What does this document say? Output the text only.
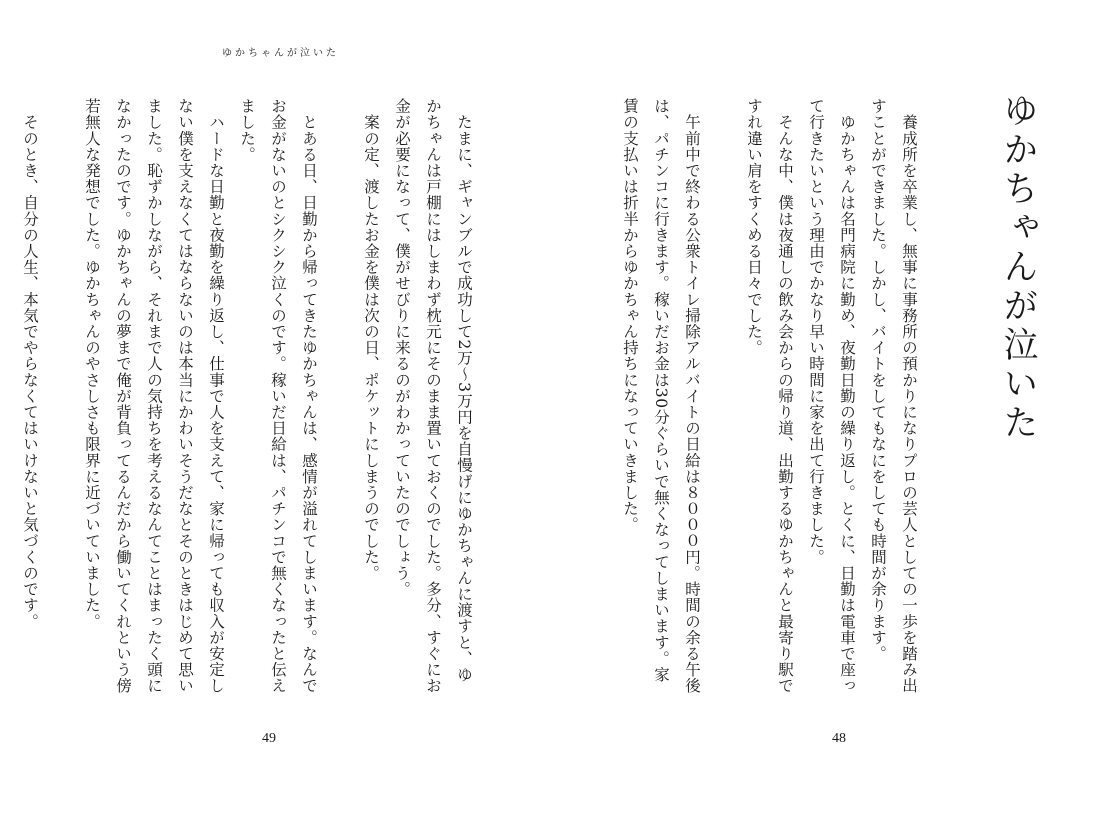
ゆかちゃんが泣いた
ゆかちゃんが泣いた

　養成所を卒業し、無事に事務所の預かりになりプロの芸人としての一歩を踏み出すことができました。しかし、バイトをしてもなにをしても時間が余ります。

　ゆかちゃんは名門病院に勤め、夜勤日勤の繰り返し。とくに、日勤は電車で座って行きたいという理由でかなり早い時間に家を出て行きました。

　そんな中、僕は夜通しの飲み会からの帰り道、出勤するゆかちゃんと最寄り駅ですれ違い肩をすくめる日々でした。

　午前中で終わる公衆トイレ掃除アルバイトの日給は８０００円。時間の余る午後は、パチンコに行きます。稼いだお金は30分ぐらいで無くなってしまいます。家賃の支払いは折半からゆかちゃん持ちになっていきました。

　たまに、ギャンブルで成功して2万～3万円を自慢げにゆかちゃんに渡すと、ゆかちゃんは戸棚にはしまわず枕元にそのまま置いておくのでした。多分、すぐにお金が必要になって、僕がせびりに来るのがわかっていたのでしょう。

　案の定、渡したお金を僕は次の日、ポケットにしまうのでした。

　とある日、日勤から帰ってきたゆかちゃんは、感情が溢れてしまいます。なんでお金がないのとシクシク泣くのです。稼いだ日給は、パチンコで無くなったと伝えました。

　ハードな日勤と夜勤を繰り返し、仕事で人を支えて、家に帰っても収入が安定しない僕を支えなくてはならないのは本当にかわいそうだなとそのときはじめて思いました。恥ずかしながら、それまで人の気持ちを考えるなんてことはまったく頭になかったのです。ゆかちゃんの夢まで俺が背負ってるんだから働いてくれという傍若無人な発想でした。ゆかちゃんのやさしさも限界に近づいていました。

　そのとき、自分の人生、本気でやらなくてはいけないと気づくのです。

49	48
